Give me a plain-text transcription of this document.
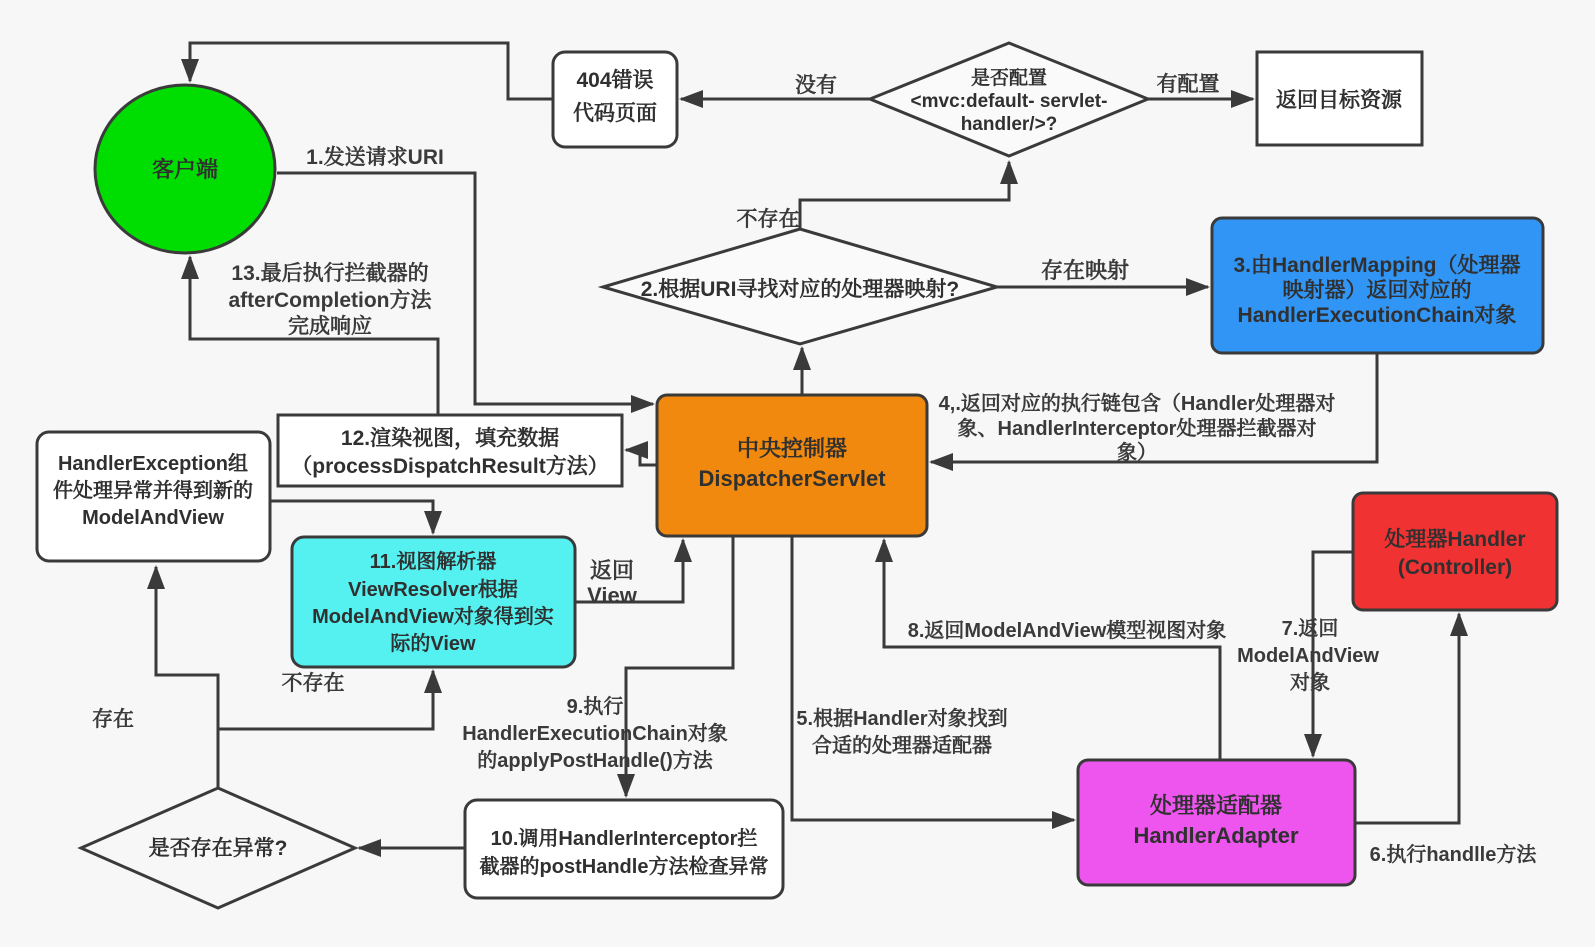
客户端
404错误
代码页面
是否配置
<mvc:default- servlet-
handler/>?
返回目标资源
2.根据URI寻找对应的处理器映射?
3.由HandlerMapping（处理器
映射器）返回对应的
HandlerExecutionChain对象
中央控制器
DispatcherServlet
12.渲染视图，填充数据
（processDispatchResult方法）
HandlerException组
件处理异常并得到新的
ModelAndView
11.视图解析器
ViewResolver根据
ModelAndView对象得到实
际的View
处理器Handler
(Controller)
处理器适配器
HandlerAdapter
10.调用HandlerInterceptor拦
截器的postHandle方法检查异常
是否存在异常?
1.发送请求URI
没有	有配置
不存在
存在映射
4,.返回对应的执行链包含（Handler处理器对
象、HandlerInterceptor处理器拦截器对
象）
13.最后执行拦截器的
afterCompletion方法
完成响应
返回
View
不存在
存在
9.执行
HandlerExecutionChain对象
的applyPostHandle()方法
5.根据Handler对象找到
合适的处理器适配器
8.返回ModelAndView模型视图对象	7.返回
ModelAndView
对象
6.执行handlle方法
